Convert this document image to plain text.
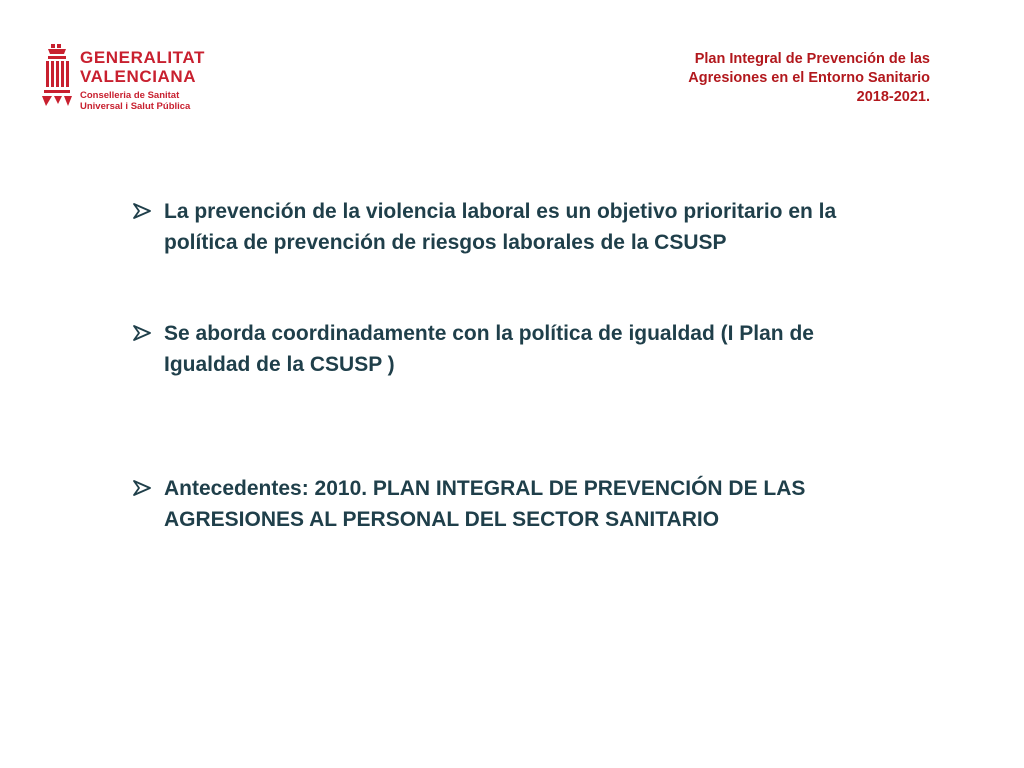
GENERALITAT
VALENCIANA
Conselleria de Sanitat
Universal i Salut Pública
Plan Integral de Prevención de las
Agresiones en el Entorno Sanitario
2018-2021.
La prevención de la violencia laboral es un objetivo prioritario en la
política de prevención de riesgos laborales de la CSUSP
Se aborda coordinadamente con la política de igualdad (I Plan de
Igualdad de la CSUSP )
Antecedentes: 2010. PLAN INTEGRAL DE PREVENCIÓN DE LAS
AGRESIONES AL PERSONAL DEL SECTOR SANITARIO
